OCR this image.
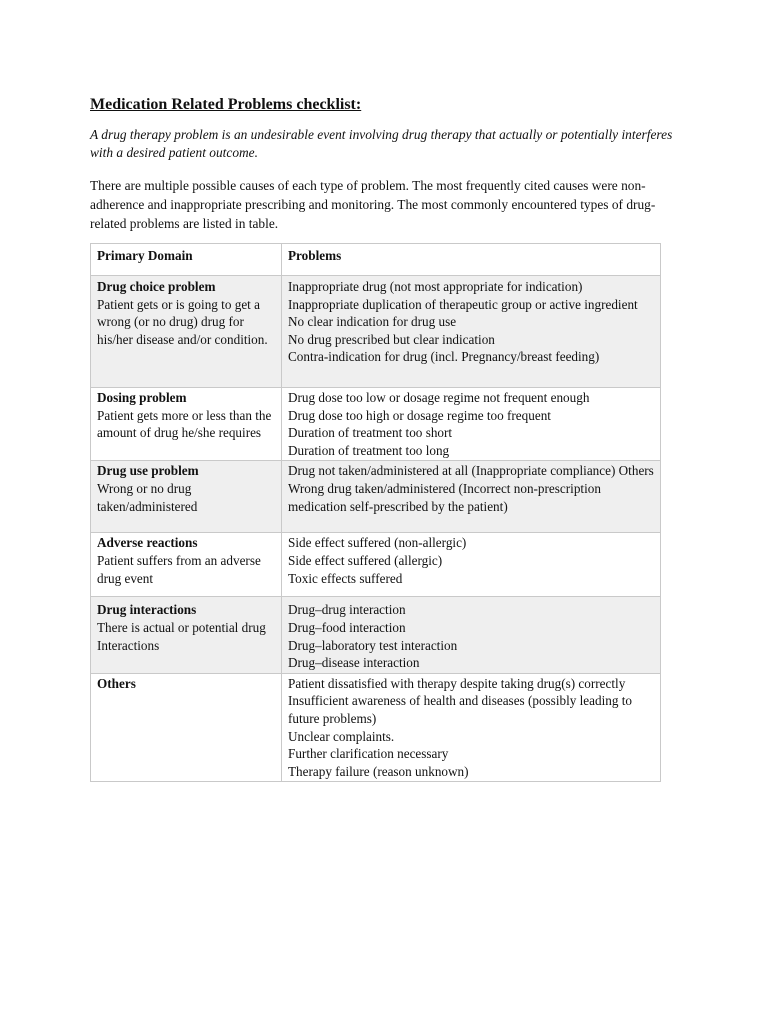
Medication Related Problems checklist:

A drug therapy problem is an undesirable event involving drug therapy that actually or potentially interferes with a desired patient outcome.

There are multiple possible causes of each type of problem. The most frequently cited causes were non-adherence and inappropriate prescribing and monitoring. The most commonly encountered types of drug-related problems are listed in table.

Primary Domain	Problems

Drug choice problem
Patient gets or is going to get a wrong (or no drug) drug for his/her disease and/or condition.	Inappropriate drug (not most appropriate for indication)
Inappropriate duplication of therapeutic group or active ingredient
No clear indication for drug use
No drug prescribed but clear indication
Contra-indication for drug (incl. Pregnancy/breast feeding)

Dosing problem
Patient gets more or less than the amount of drug he/she requires	Drug dose too low or dosage regime not frequent enough
Drug dose too high or dosage regime too frequent
Duration of treatment too short
Duration of treatment too long

Drug use problem
Wrong or no drug taken/administered	Drug not taken/administered at all (Inappropriate compliance) Others
Wrong drug taken/administered (Incorrect non-prescription medication self-prescribed by the patient)

Adverse reactions
Patient suffers from an adverse drug event	Side effect suffered (non-allergic)
Side effect suffered (allergic)
Toxic effects suffered

Drug interactions
There is actual or potential drug Interactions	Drug–drug interaction
Drug–food interaction
Drug–laboratory test interaction
Drug–disease interaction

Others	Patient dissatisfied with therapy despite taking drug(s) correctly Insufficient awareness of health and diseases (possibly leading to future problems)
Unclear complaints.
Further clarification necessary
Therapy failure (reason unknown)
